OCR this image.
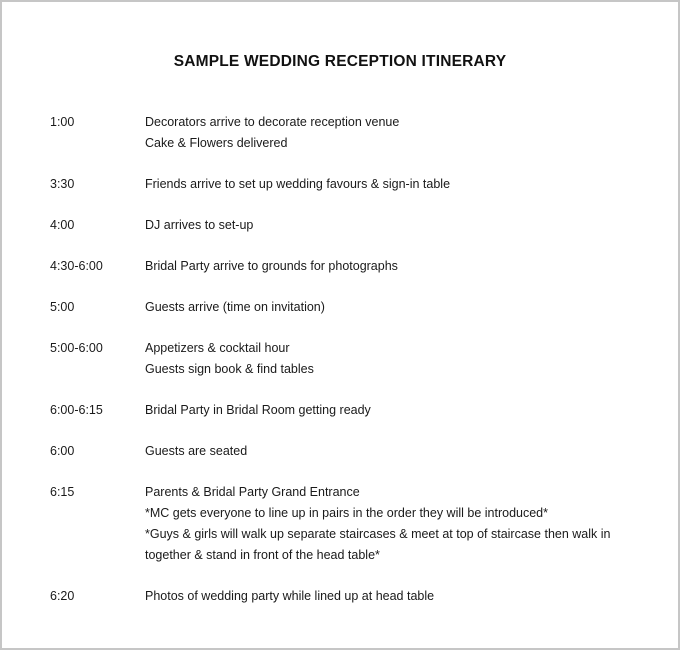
SAMPLE WEDDING RECEPTION ITINERARY
1:00	Decorators arrive to decorate reception venue
Cake & Flowers delivered
3:30	Friends arrive to set up wedding favours & sign-in table
4:00	DJ arrives to set-up
4:30-6:00	Bridal Party arrive to grounds for photographs
5:00	Guests arrive (time on invitation)
5:00-6:00	Appetizers & cocktail hour
Guests sign book & find tables
6:00-6:15	Bridal Party in Bridal Room getting ready
6:00	Guests are seated
6:15	Parents & Bridal Party Grand Entrance
*MC gets everyone to line up in pairs in the order they will be introduced*
*Guys & girls will walk up separate staircases & meet at top of staircase then walk in
together & stand in front of the head table*
6:20	Photos of wedding party while lined up at head table
